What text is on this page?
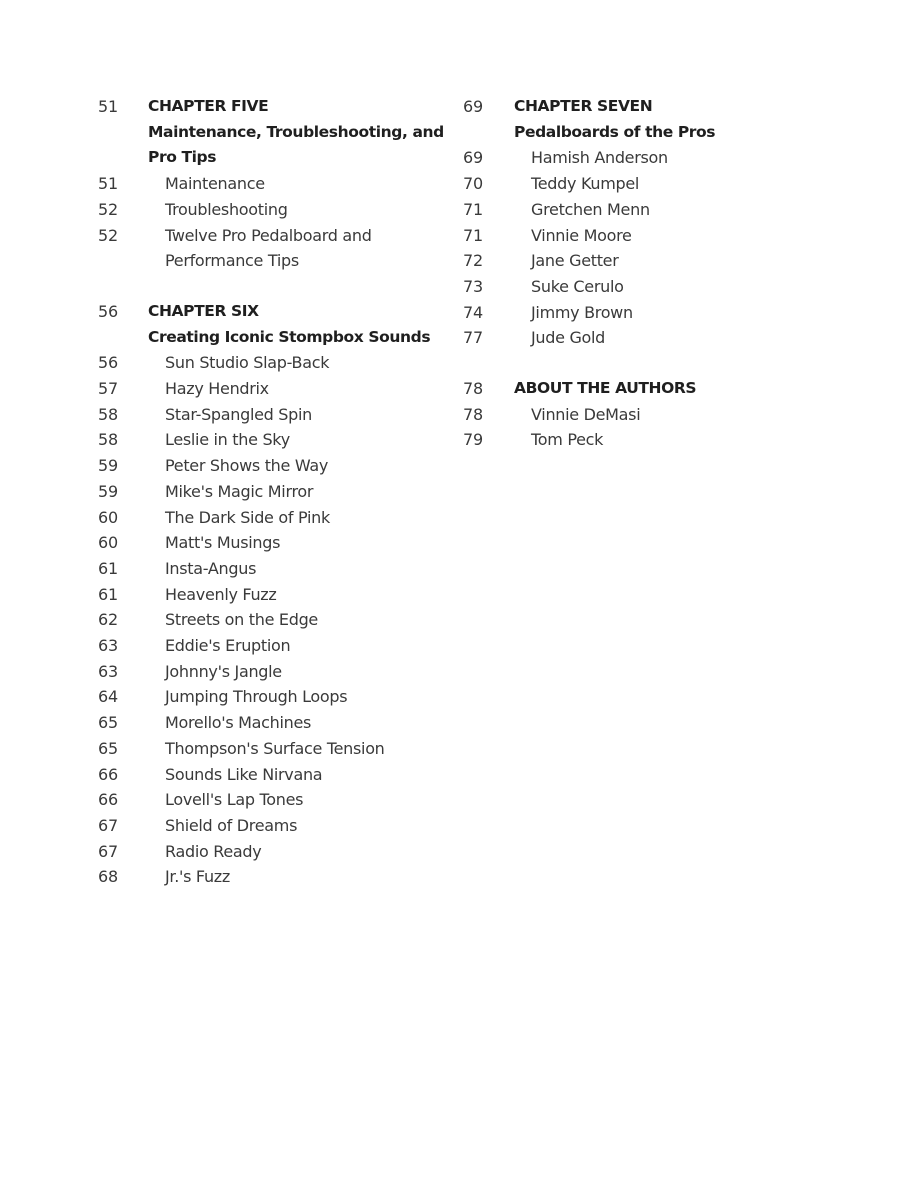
51	CHAPTER FIVE
Maintenance, Troubleshooting, and Pro Tips
51	Maintenance
52	Troubleshooting
52	Twelve Pro Pedalboard and Performance Tips
56	CHAPTER SIX
Creating Iconic Stompbox Sounds
56	Sun Studio Slap-Back
57	Hazy Hendrix
58	Star-Spangled Spin
58	Leslie in the Sky
59	Peter Shows the Way
59	Mike's Magic Mirror
60	The Dark Side of Pink
60	Matt's Musings
61	Insta-Angus
61	Heavenly Fuzz
62	Streets on the Edge
63	Eddie's Eruption
63	Johnny's Jangle
64	Jumping Through Loops
65	Morello's Machines
65	Thompson's Surface Tension
66	Sounds Like Nirvana
66	Lovell's Lap Tones
67	Shield of Dreams
67	Radio Ready
68	Jr.'s Fuzz
69	CHAPTER SEVEN
Pedalboards of the Pros
69	Hamish Anderson
70	Teddy Kumpel
71	Gretchen Menn
71	Vinnie Moore
72	Jane Getter
73	Suke Cerulo
74	Jimmy Brown
77	Jude Gold
78	ABOUT THE AUTHORS
78	Vinnie DeMasi
79	Tom Peck
